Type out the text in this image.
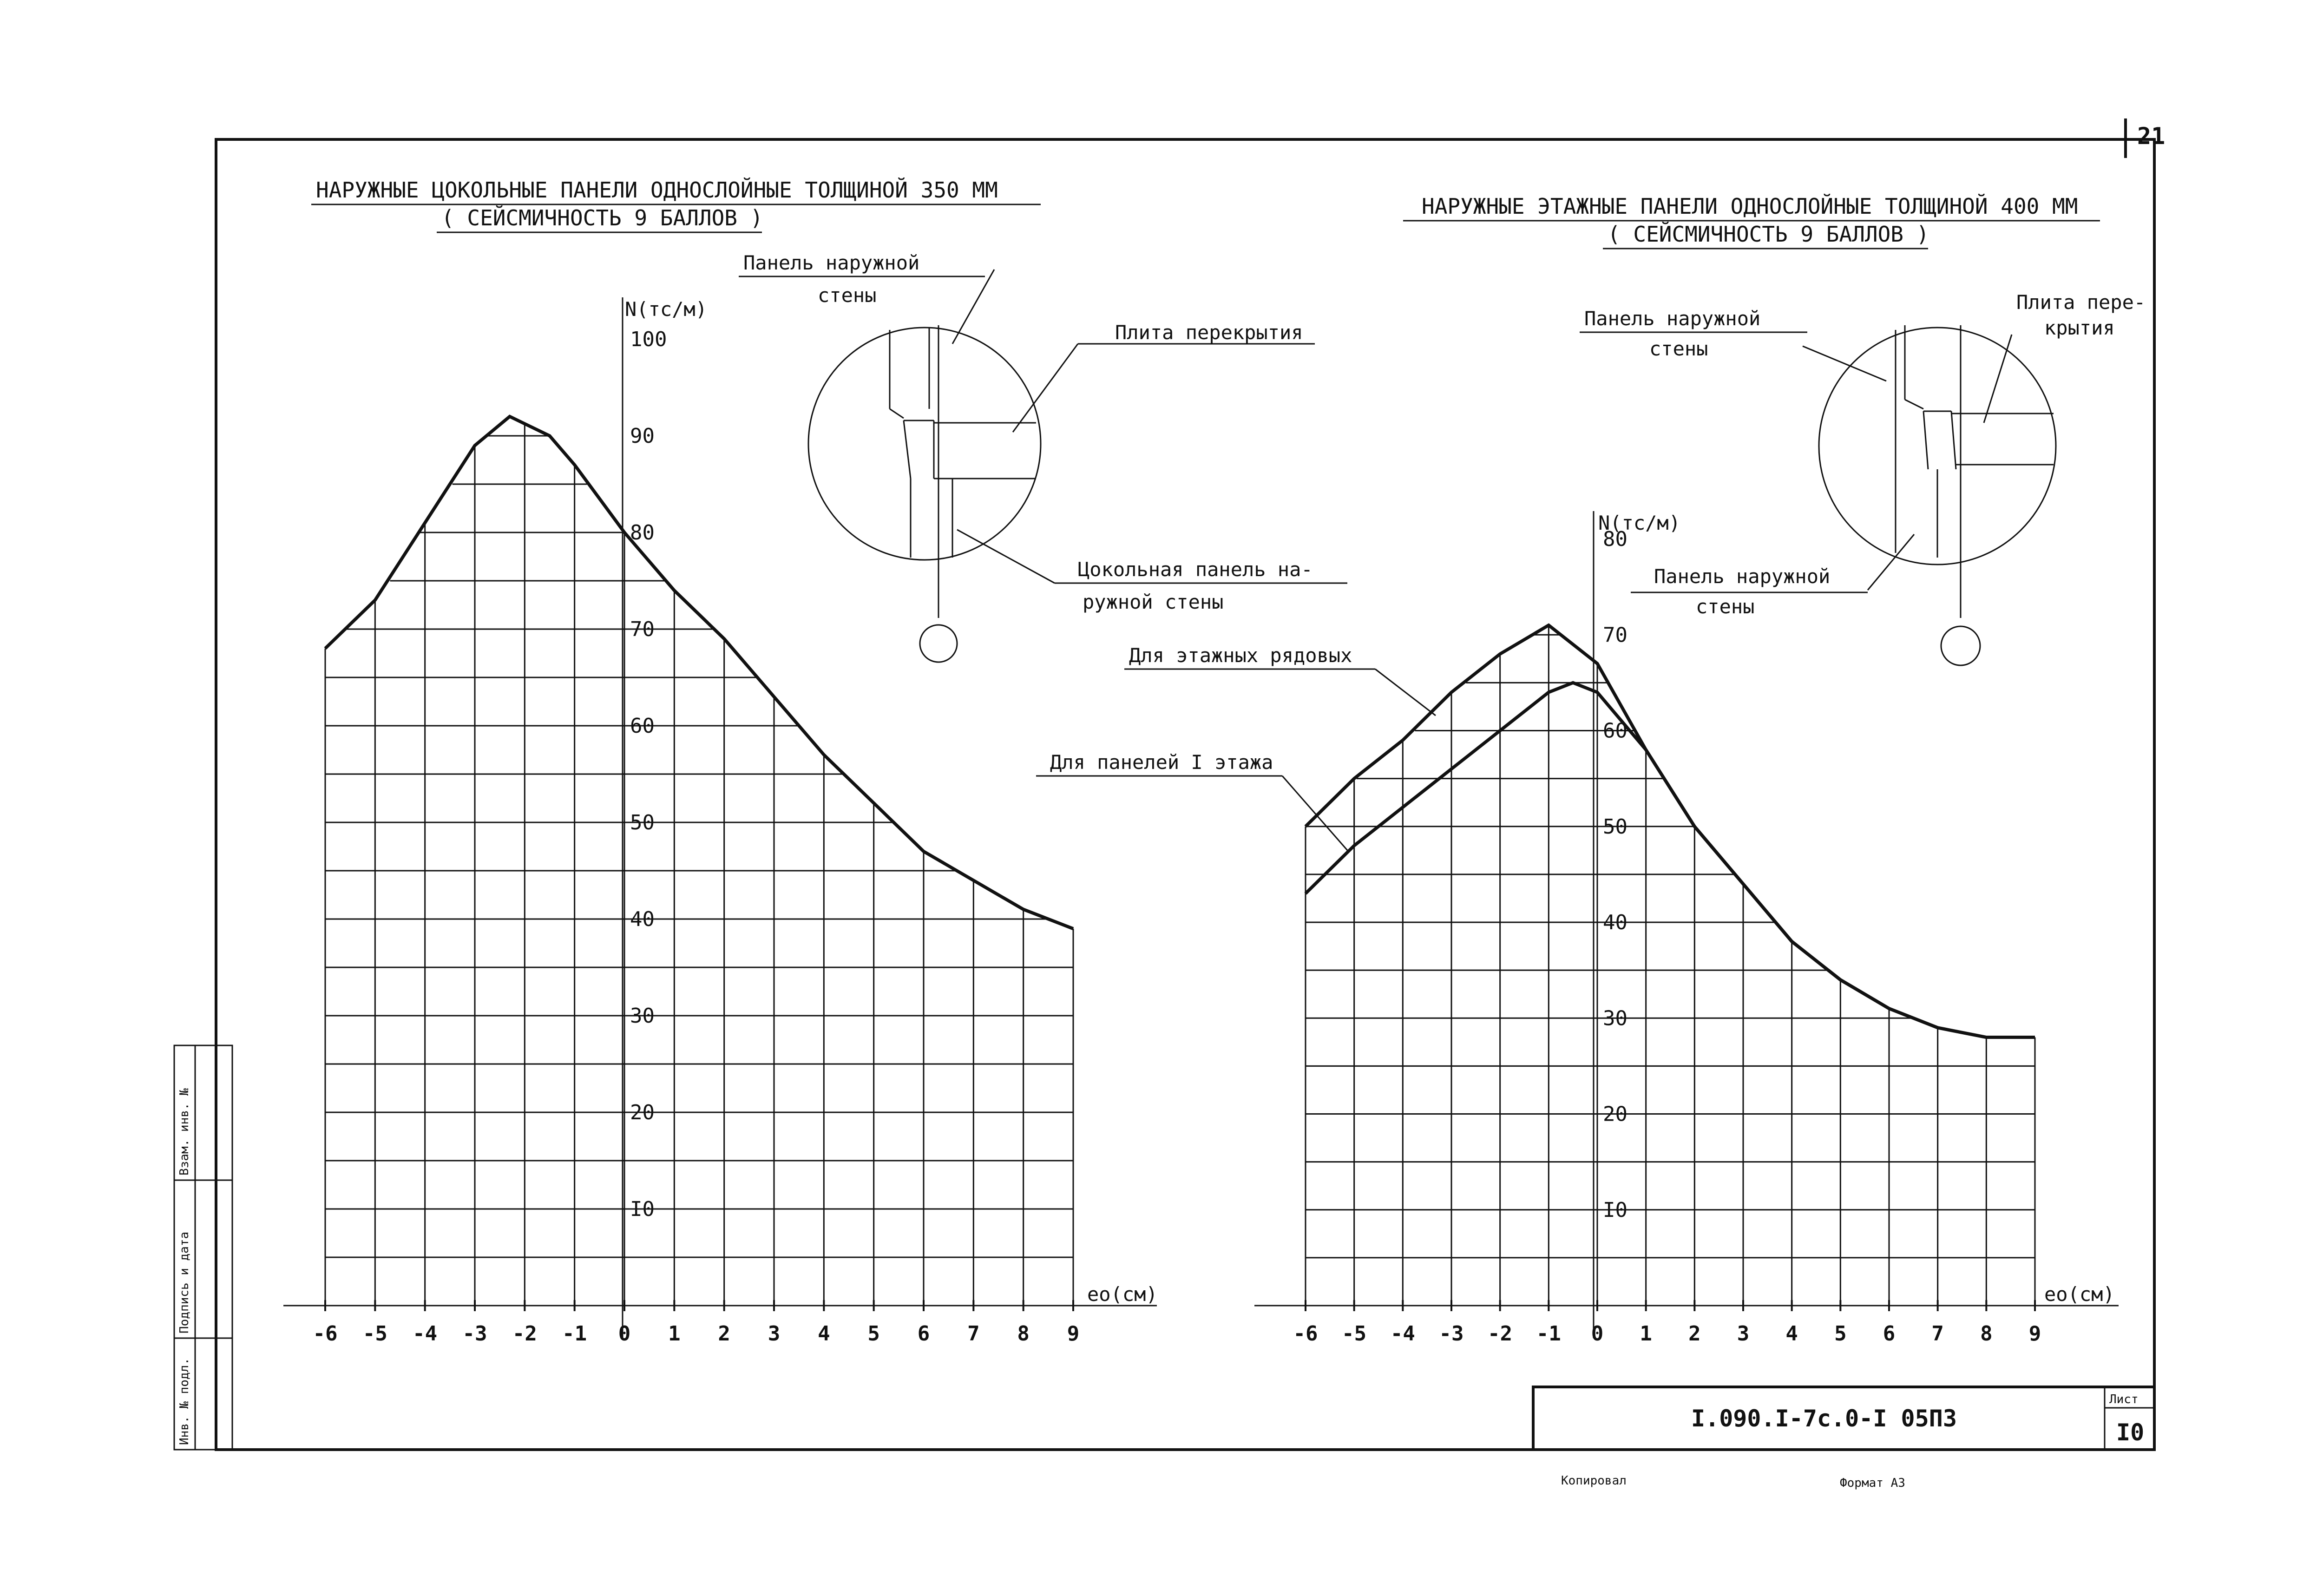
21
Инв. № подл.
Подпись и дата
Взам. инв. №
I.090.I-7c.0-I 05ПЗ
Лист
I0
Копировал	Формат А3
НАРУЖНЫЕ ЦОКОЛЬНЫЕ ПАНЕЛИ ОДНОСЛОЙНЫЕ ТОЛЩИНОЙ 350 ММ
( СЕЙСМИЧНОСТЬ 9 БАЛЛОВ )	НАРУЖНЫЕ ЭТАЖНЫЕ ПАНЕЛИ ОДНОСЛОЙНЫЕ ТОЛЩИНОЙ 400 ММ
( СЕЙСМИЧНОСТЬ 9 БАЛЛОВ )
Панель наружной
стены
Плита перекрытия
Цокольная панель на-
ружной стены
Панель наружной
стены
Плита пере-
крытия
Панель наружной
стены
-6 -5 -4 -3 -2 -1 0 1 2 3 4 5 6 7 8 9
I0
20
30
40
50
60
70
80
90
100
eo(см)
N(тс/м)
-6 -5 -4 -3 -2 -1 0 1 2 3 4 5 6 7 8 9
I0
20
30
40
50
60
70
80
eo(см)
N(тс/м)
Для этажных рядовых
Для панелей I этажа
